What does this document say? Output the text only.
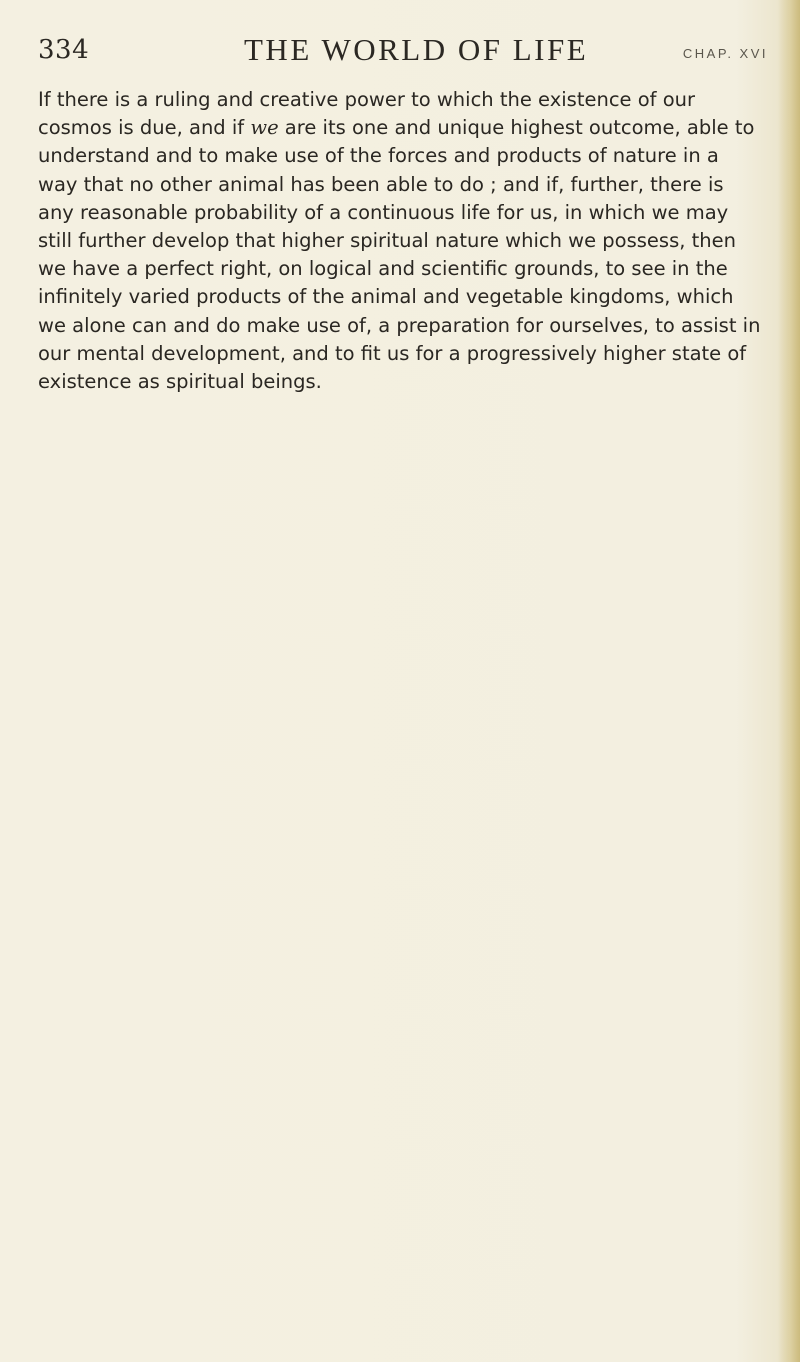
334	THE WORLD OF LIFE	CHAP. XVI

If there is a ruling and creative power to which the existence of our cosmos is due, and if we are its one and unique highest outcome, able to understand and to make use of the forces and products of nature in a way that no other animal has been able to do ; and if, further, there is any reasonable probability of a continuous life for us, in which we may still further develop that higher spiritual nature which we possess, then we have a perfect right, on logical and scientific grounds, to see in the infinitely varied products of the animal and vegetable kingdoms, which we alone can and do make use of, a preparation for ourselves, to assist in our mental development, and to fit us for a progressively higher state of existence as spiritual beings.
